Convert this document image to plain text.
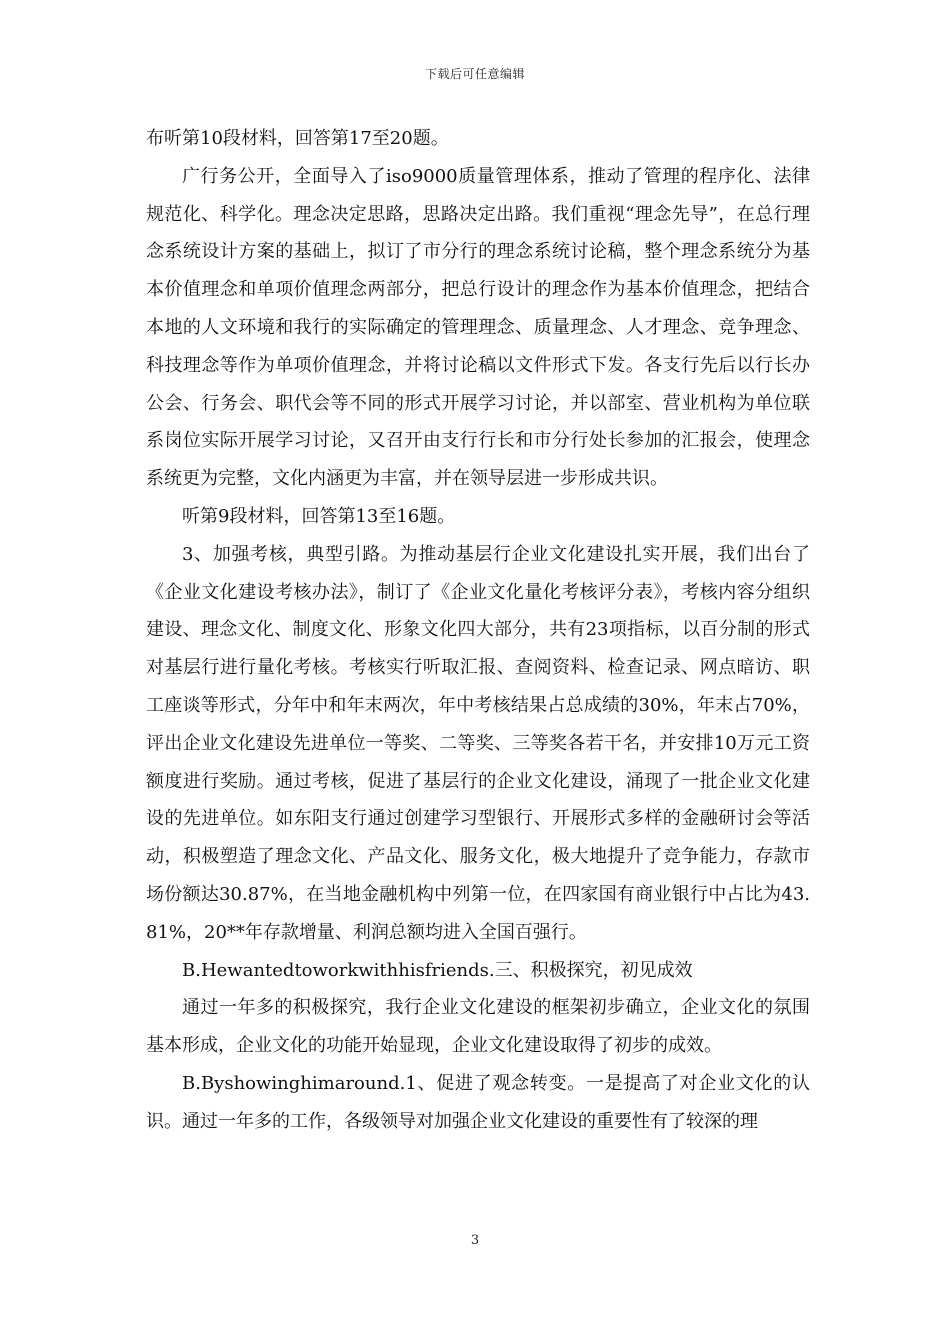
下载后可任意编辑

布听第10段材料，回答第17至20题。

广行务公开，全面导入了iso9000质量管理体系，推动了管理的程序化、法律规范化、科学化。理念决定思路，思路决定出路。我们重视“理念先导”，在总行理念系统设计方案的基础上，拟订了市分行的理念系统讨论稿，整个理念系统分为基本价值理念和单项价值理念两部分，把总行设计的理念作为基本价值理念，把结合本地的人文环境和我行的实际确定的管理理念、质量理念、人才理念、竞争理念、科技理念等作为单项价值理念，并将讨论稿以文件形式下发。各支行先后以行长办公会、行务会、职代会等不同的形式开展学习讨论，并以部室、营业机构为单位联系岗位实际开展学习讨论，又召开由支行行长和市分行处长参加的汇报会，使理念系统更为完整，文化内涵更为丰富，并在领导层进一步形成共识。

听第9段材料，回答第13至16题。

3、加强考核，典型引路。为推动基层行企业文化建设扎实开展，我们出台了《企业文化建设考核办法》，制订了《企业文化量化考核评分表》，考核内容分组织建设、理念文化、制度文化、形象文化四大部分，共有23项指标，以百分制的形式对基层行进行量化考核。考核实行听取汇报、查阅资料、检查记录、网点暗访、职工座谈等形式，分年中和年末两次，年中考核结果占总成绩的30%，年末占70%，评出企业文化建设先进单位一等奖、二等奖、三等奖各若干名，并安排10万元工资额度进行奖励。通过考核，促进了基层行的企业文化建设，涌现了一批企业文化建设的先进单位。如东阳支行通过创建学习型银行、开展形式多样的金融研讨会等活动，积极塑造了理念文化、产品文化、服务文化，极大地提升了竞争能力，存款市场份额达30.87%，在当地金融机构中列第一位，在四家国有商业银行中占比为43.81%，20**年存款增量、利润总额均进入全国百强行。

B.Hewantedtoworkwithhisfriends.三、积极探究，初见成效

通过一年多的积极探究，我行企业文化建设的框架初步确立，企业文化的氛围基本形成，企业文化的功能开始显现，企业文化建设取得了初步的成效。

B.Byshowinghimaround.1、促进了观念转变。一是提高了对企业文化的认识。通过一年多的工作，各级领导对加强企业文化建设的重要性有了较深的理

3
